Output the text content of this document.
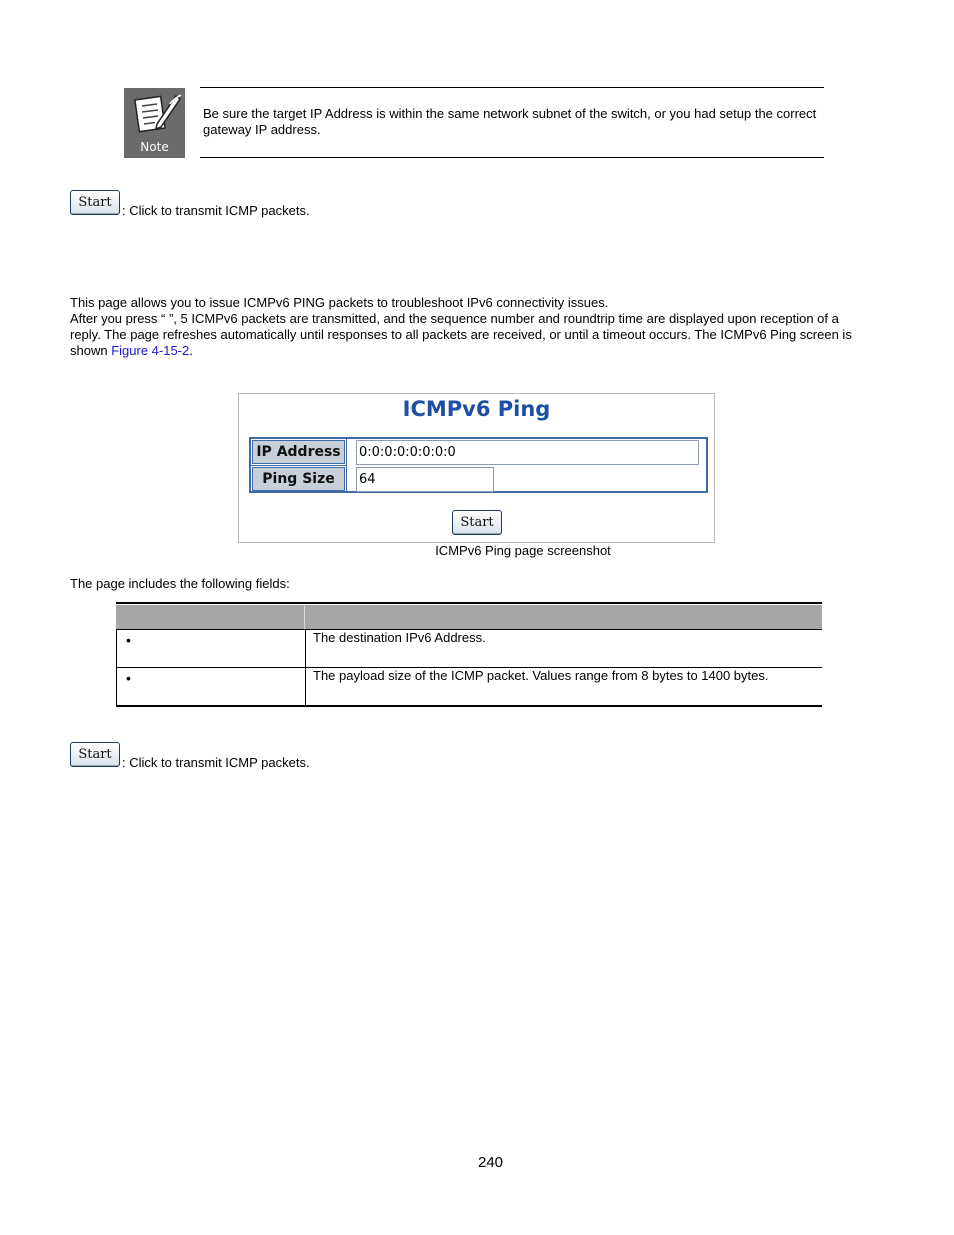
Note
Be sure the target IP Address is within the same network subnet of the switch, or you had setup the correct gateway IP address.
Start
: Click to transmit ICMP packets.
This page allows you to issue ICMPv6 PING packets to troubleshoot IPv6 connectivity issues.
After you press “ ”, 5 ICMPv6 packets are transmitted, and the sequence number and roundtrip time are displayed upon reception of a reply. The page refreshes automatically until responses to all packets are received, or until a timeout occurs. The ICMPv6 Ping screen is shown Figure 4-15-2.
ICMPv6 Ping
IP Address
Ping Size
0:0:0:0:0:0:0:0
64
Start
ICMPv6 Ping page screenshot
The page includes the following fields:
•	The destination IPv6 Address.
•	The payload size of the ICMP packet. Values range from 8 bytes to 1400 bytes.
Start
: Click to transmit ICMP packets.
240
